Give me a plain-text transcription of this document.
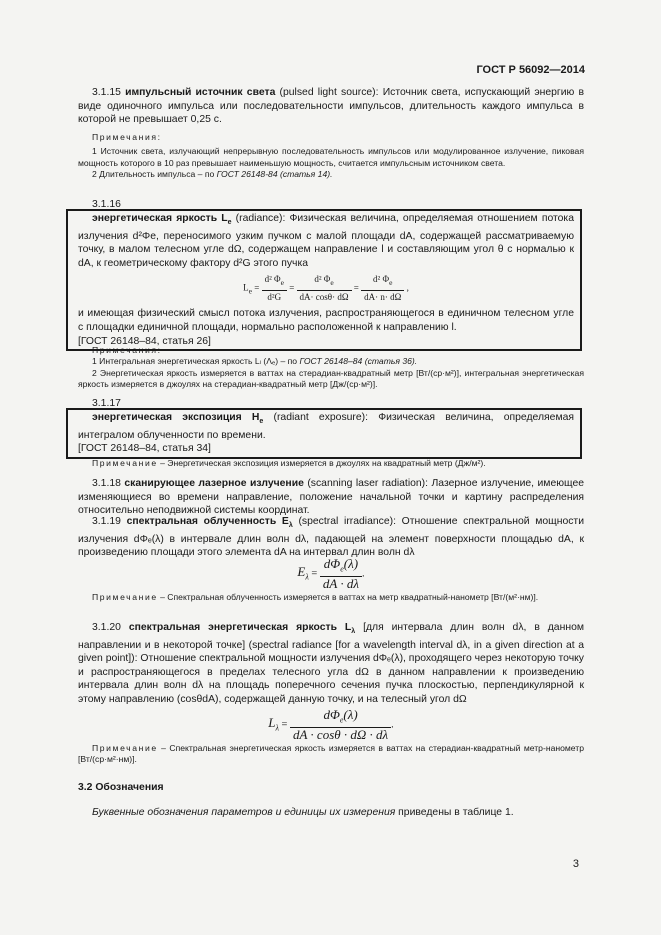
ГОСТ Р 56092—2014
3.1.15 импульсный источник света (pulsed light source): Источник света, испускающий энергию в виде одиночного импульса или последовательности импульсов, длительность каждого импульса в которой не превышает 0,25 с.
Примечания:
1 Источник света, излучающий непрерывную последовательность импульсов или модулированное излучение, пиковая мощность которого в 10 раз превышает наименьшую мощность, считается импульсным источником света.
2 Длительность импульса – по ГОСТ 26148-84 (статья 14).
3.1.16
энергетическая яркость $L_e$ (radiance): Физическая величина, определяемая отношением потока излучения d²Φe, переносимого узким пучком с малой площади dA, содержащей рассматриваемую точку, в малом телесном угле dΩ, содержащем направление l и составляющим угол θ с нормалью к dA, к геометрическому фактору d²G этого пучка
$L_e = \frac{d^2 \Phi_e}{\text{d²G}} = \frac{d^2 \Phi_e}{dA\cdot \cos\theta\cdot d\Omega} = \frac{d^2 \Phi_e}{dA\cdot n\cdot d\Omega}$ ,
и имеющая физический смысл потока излучения, распространяющегося в единичном телесном угле с площадки единичной площади, нормально расположенной к направлению l.
[ГОСТ 26148–84, статья 26]
Примечания:
1 Интегральная энергетическая яркость Lₗ (Λₑ) – по ГОСТ 26148–84 (статья 36).
2 Энергетическая яркость измеряется в ваттах на стерадиан-квадратный метр [Вт/(ср·м²)], интегральная энергетическая яркость измеряется в джоулях на стерадиан-квадратный метр [Дж/(ср·м²)].
3.1.17
энергетическая экспозиция $H_e$ (radiant exposure): Физическая величина, определяемая интегралом облученности по времени.
[ГОСТ 26148–84, статья 34]
Примечание – Энергетическая экспозиция измеряется в джоулях на квадратный метр (Дж/м²).
3.1.18 сканирующее лазерное излучение (scanning laser radiation): Лазерное излучение, имеющее изменяющиеся во времени направление, положение начальной точки и картину распределения относительно неподвижной системы координат.
3.1.19 спектральная облученность $E_\lambda$ (spectral irradiance): Отношение спектральной мощности излучения dΦₑ(λ) в интервале длин волн dλ, падающей на элемент поверхности площадью dA, к произведению площади этого элемента dA на интервал длин волн dλ
$E_\lambda$ =
$d\Phi_e(\lambda)$
dA · dλ
.
Примечание – Спектральная облученность измеряется в ваттах на метр квадратный-нанометр [Вт/(м²·нм)].
3.1.20 спектральная энергетическая яркость $L_\lambda$ [для интервала длин волн dλ, в данном направлении и в некоторой точке] (spectral radiance [for a wavelength interval dλ, in a given direction at a given point]): Отношение спектральной мощности излучения dΦₑ(λ), проходящего через некоторую точку и распространяющегося в пределах телесного угла dΩ в данном направлении к произведению интервала длин волн dλ на площадь поперечного сечения пучка плоскостью, перпендикулярной к этому направлению (cosθdA), содержащей данную точку, и на телесный угол dΩ
$L_\lambda$ =
$d\Phi_e(\lambda)$
dA · cosθ · dΩ · dλ
.
Примечание – Спектральная энергетическая яркость измеряется в ваттах на стерадиан-квадратный метр-нанометр [Вт/(ср·м²·нм)].
3.2 Обозначения
Буквенные обозначения параметров и единицы их измерения приведены в таблице 1.
3
